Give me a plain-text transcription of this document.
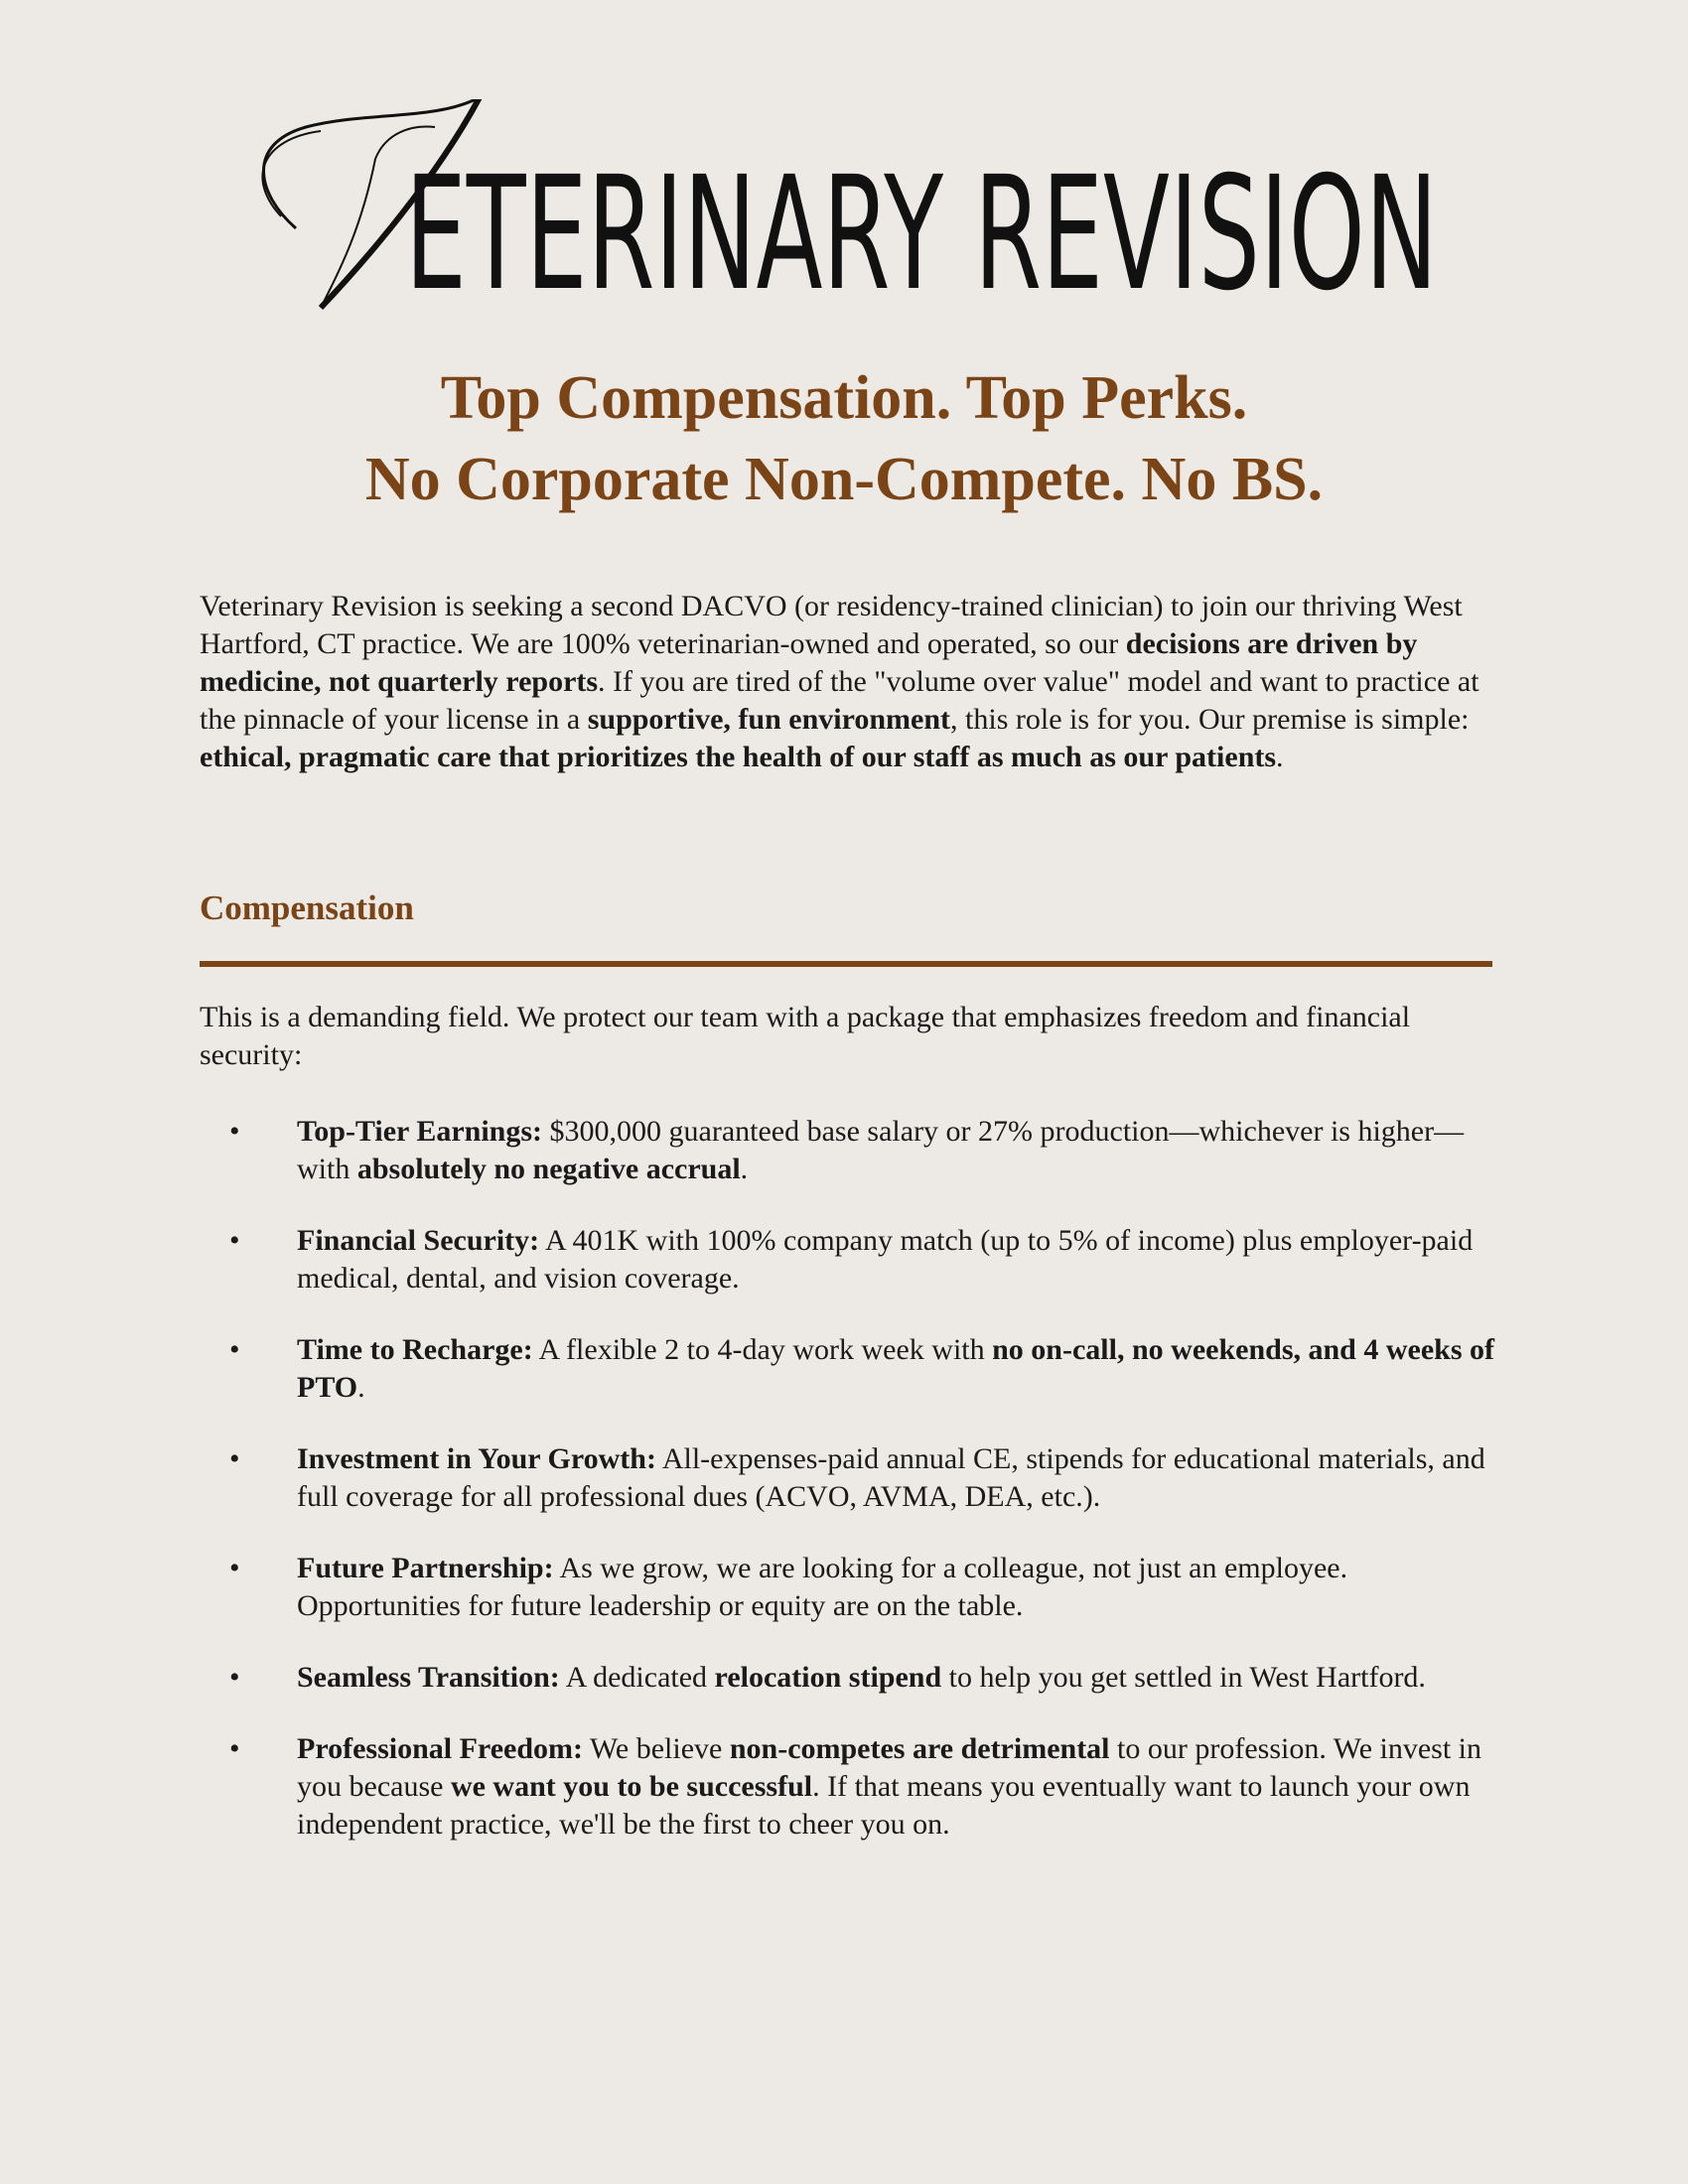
ETERINARY REVISION
Top Compensation. Top Perks.
No Corporate Non-Compete. No BS.

Veterinary Revision is seeking a second DACVO (or residency-trained clinician) to join our thriving West Hartford, CT practice. We are 100% veterinarian-owned and operated, so our decisions are driven by medicine, not quarterly reports. If you are tired of the "volume over value" model and want to practice at the pinnacle of your license in a supportive, fun environment, this role is for you. Our premise is simple: ethical, pragmatic care that prioritizes the health of our staff as much as our patients.

Compensation

This is a demanding field. We protect our team with a package that emphasizes freedom and financial security:

• Top-Tier Earnings: $300,000 guaranteed base salary or 27% production—whichever is higher—with absolutely no negative accrual.
• Financial Security: A 401K with 100% company match (up to 5% of income) plus employer-paid medical, dental, and vision coverage.
• Time to Recharge: A flexible 2 to 4-day work week with no on-call, no weekends, and 4 weeks of PTO.
• Investment in Your Growth: All-expenses-paid annual CE, stipends for educational materials, and full coverage for all professional dues (ACVO, AVMA, DEA, etc.).
• Future Partnership: As we grow, we are looking for a colleague, not just an employee. Opportunities for future leadership or equity are on the table.
• Seamless Transition: A dedicated relocation stipend to help you get settled in West Hartford.
• Professional Freedom: We believe non-competes are detrimental to our profession. We invest in you because we want you to be successful. If that means you eventually want to launch your own independent practice, we'll be the first to cheer you on.
